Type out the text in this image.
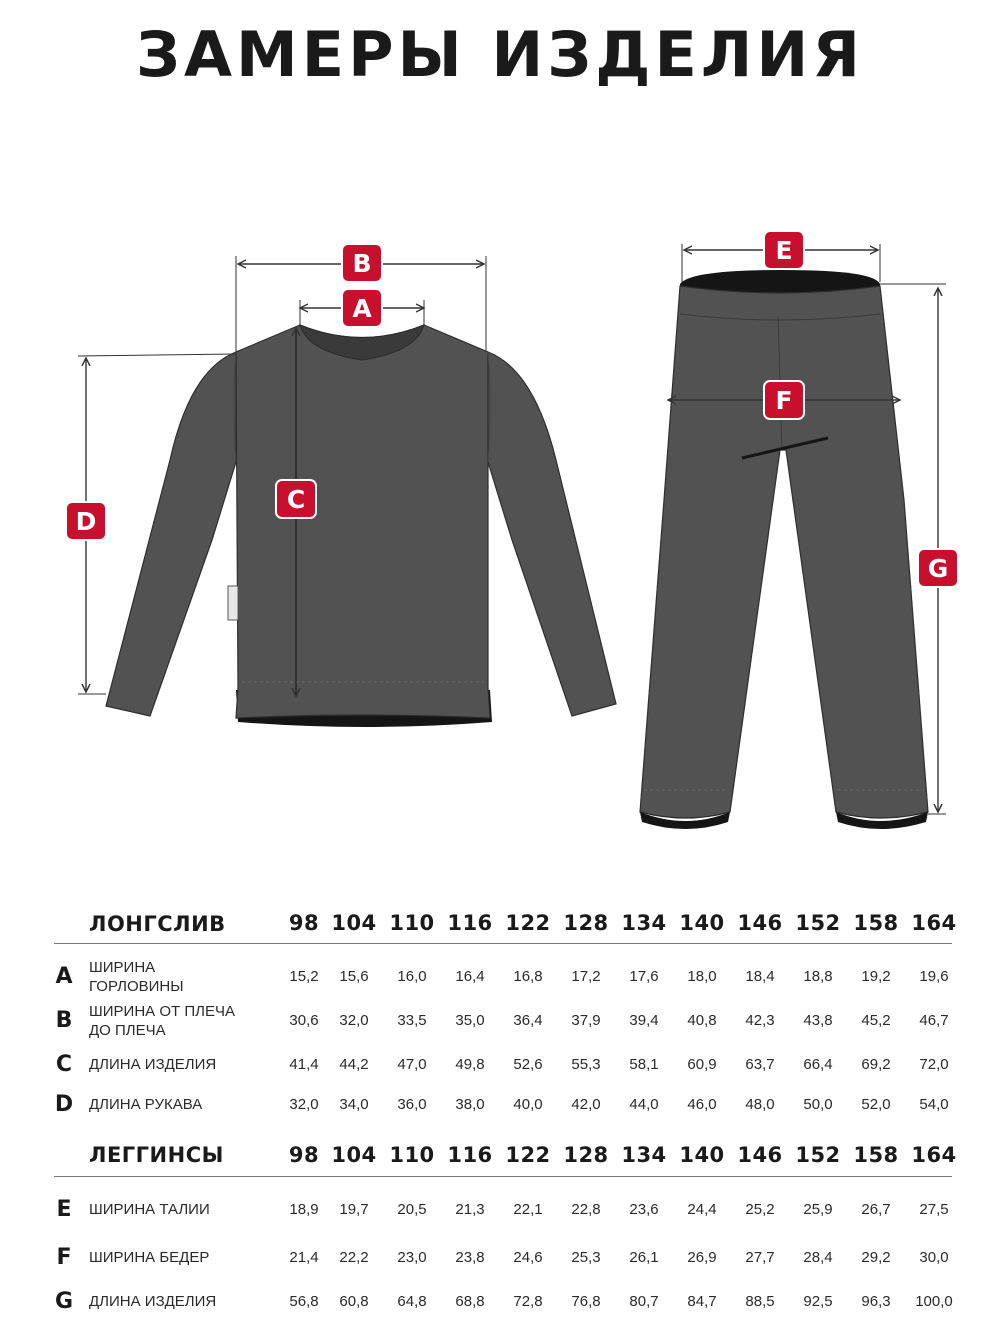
ЗАМЕРЫ ИЗДЕЛИЯ
A
B
C
D
E
F
G
ЛОНГСЛИВ	98 104 110 116 122 128 134 140 146 152 158 164
A ШИРИНА
ГОРЛОВИНЫ
15,2	15,6	16,0	16,4	16,8	17,2	17,6	18,0	18,4	18,8	19,2	19,6
B ШИРИНА ОТ ПЛЕЧА
ДО ПЛЕЧА
30,6	32,0	33,5	35,0	36,4	37,9	39,4	40,8	42,3	43,8	45,2	46,7
C ДЛИНА ИЗДЕЛИЯ	41,4	44,2	47,0	49,8	52,6	55,3	58,1	60,9	63,7	66,4	69,2	72,0
D ДЛИНА РУКАВА	32,0	34,0	36,0	38,0	40,0	42,0	44,0	46,0	48,0	50,0	52,0	54,0
ЛЕГГИНСЫ	98 104 110 116 122 128 134 140 146 152 158 164
E ШИРИНА ТАЛИИ	18,9	19,7	20,5	21,3	22,1	22,8	23,6	24,4	25,2	25,9	26,7	27,5
F ШИРИНА БЕДЕР	21,4	22,2	23,0	23,8	24,6	25,3	26,1	26,9	27,7	28,4	29,2	30,0
G ДЛИНА ИЗДЕЛИЯ	56,8	60,8	64,8	68,8	72,8	76,8	80,7	84,7	88,5	92,5	96,3	100,0
